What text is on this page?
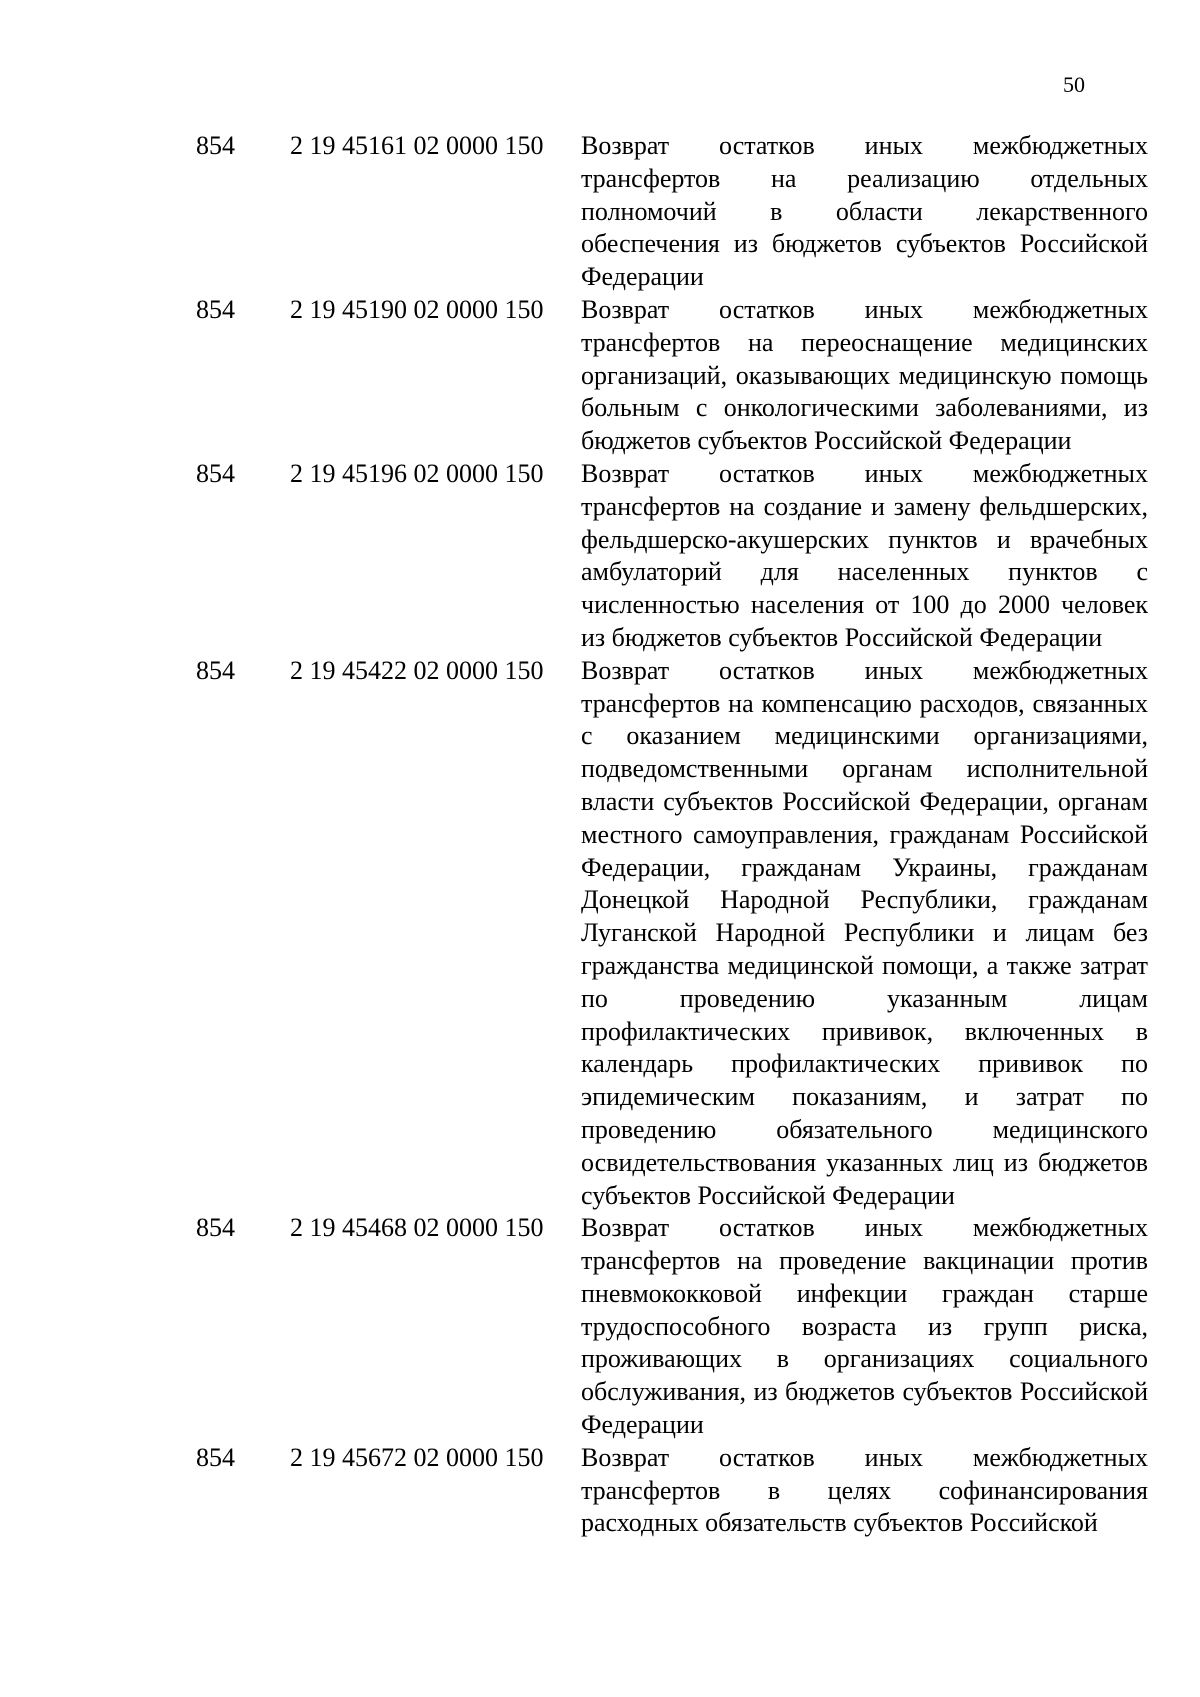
50
854 2 19 45161 02 0000 150 Возврат остатков иных межбюджетных трансфертов на реализацию отдельных полномочий в области лекарственного обеспечения из бюджетов субъектов Российской Федерации
854 2 19 45190 02 0000 150 Возврат остатков иных межбюджетных трансфертов на переоснащение медицинских организаций, оказывающих медицинскую помощь больным с онкологическими заболеваниями, из бюджетов субъектов Российской Федерации
854 2 19 45196 02 0000 150 Возврат остатков иных межбюджетных трансфертов на создание и замену фельдшерских, фельдшерско-акушерских пунктов и врачебных амбулаторий для населенных пунктов с численностью населения от 100 до 2000 человек из бюджетов субъектов Российской Федерации
854 2 19 45422 02 0000 150 Возврат остатков иных межбюджетных трансфертов на компенсацию расходов, связанных с оказанием медицинскими организациями, подведомственными органам исполнительной власти субъектов Российской Федерации, органам местного самоуправления, гражданам Российской Федерации, гражданам Украины, гражданам Донецкой Народной Республики, гражданам Луганской Народной Республики и лицам без гражданства медицинской помощи, а также затрат по проведению указанным лицам профилактических прививок, включенных в календарь профилактических прививок по эпидемическим показаниям, и затрат по проведению обязательного медицинского освидетельствования указанных лиц из бюджетов субъектов Российской Федерации
854 2 19 45468 02 0000 150 Возврат остатков иных межбюджетных трансфертов на проведение вакцинации против пневмококковой инфекции граждан старше трудоспособного возраста из групп риска, проживающих в организациях социального обслуживания, из бюджетов субъектов Российской Федерации
854 2 19 45672 02 0000 150 Возврат остатков иных межбюджетных трансфертов в целях софинансирования расходных обязательств субъектов Российской
